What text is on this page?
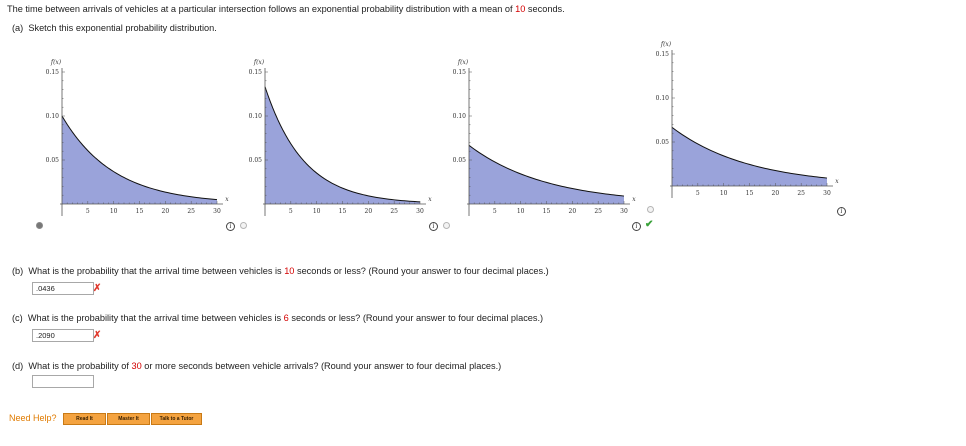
The time between arrivals of vehicles at a particular intersection follows an exponential probability distribution with a mean of 10 seconds.
(a) Sketch this exponential probability distribution.
5	10	15	20	25	30
0.05
0.10
0.15
f(x)
x
5	10	15	20	25	30
0.05
0.10
0.15
f(x)
x
5	10	15	20	25	30
0.05
0.10
0.15
f(x)
x
5	10	15	20	25	30
0.05
0.10
0.15
f(x)
x
i	i	i ✔
i
(b) What is the probability that the arrival time between vehicles is 10 seconds or less? (Round your answer to four decimal places.)
.0436	✗
(c) What is the probability that the arrival time between vehicles is 6 seconds or less? (Round your answer to four decimal places.)
.2090	✗
(d) What is the probability of 30 or more seconds between vehicle arrivals? (Round your answer to four decimal places.)
Need Help?	Read It	Master It	Talk to a Tutor
